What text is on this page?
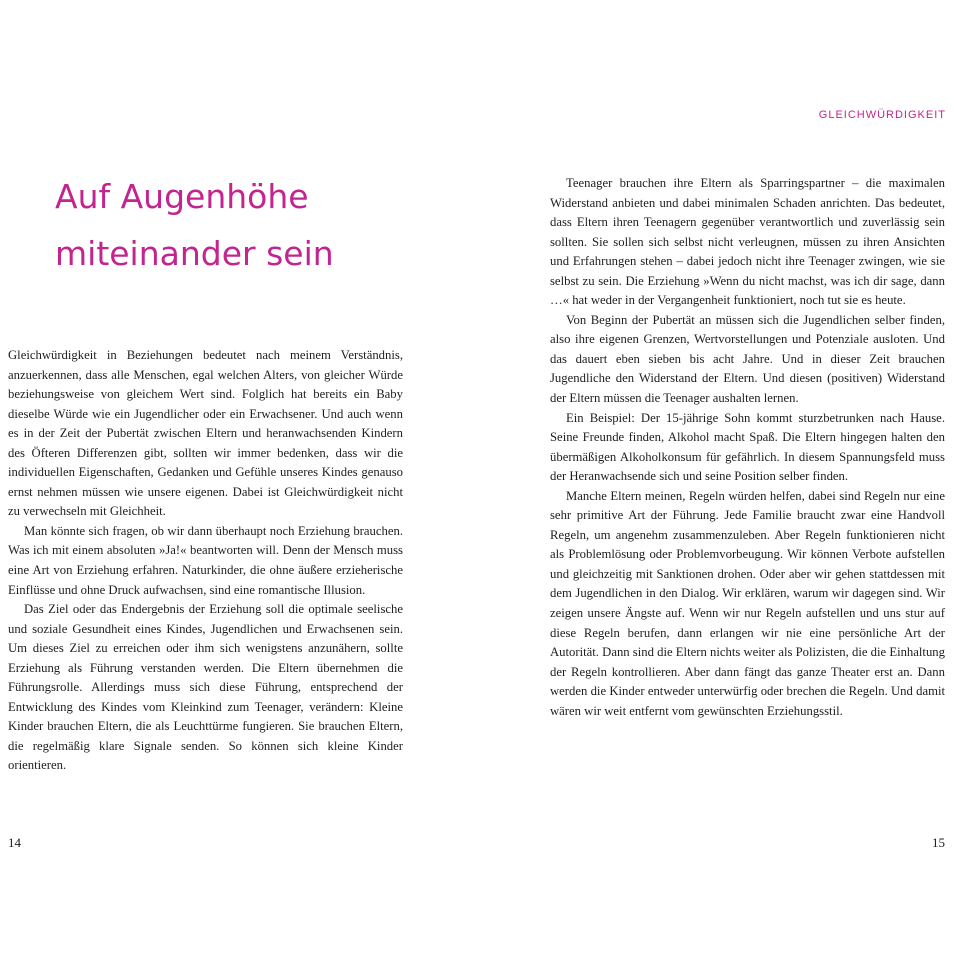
Auf Augenhöhe
miteinander sein

Gleichwürdigkeit in Beziehungen bedeutet nach meinem Verständnis, anzuerkennen, dass alle Menschen, egal welchen Alters, von gleicher Würde beziehungsweise von gleichem Wert sind. Folglich hat bereits ein Baby dieselbe Würde wie ein Jugendlicher oder ein Erwachsener. Und auch wenn es in der Zeit der Pubertät zwischen Eltern und heranwachsenden Kindern des Öfteren Differenzen gibt, sollten wir immer bedenken, dass wir die individuellen Eigenschaften, Gedanken und Gefühle unseres Kindes genauso ernst nehmen müssen wie unsere eigenen. Dabei ist Gleichwürdigkeit nicht zu verwechseln mit Gleichheit.

Man könnte sich fragen, ob wir dann überhaupt noch Erziehung brauchen. Was ich mit einem absoluten »Ja!« beantworten will. Denn der Mensch muss eine Art von Erziehung erfahren. Naturkinder, die ohne äußere erzieherische Einflüsse und ohne Druck aufwachsen, sind eine romantische Illusion.

Das Ziel oder das Endergebnis der Erziehung soll die optimale seelische und soziale Gesundheit eines Kindes, Jugendlichen und Erwachsenen sein. Um dieses Ziel zu erreichen oder ihm sich wenigstens anzunähern, sollte Erziehung als Führung verstanden werden. Die Eltern übernehmen die Führungsrolle. Allerdings muss sich diese Führung, entsprechend der Entwicklung des Kindes vom Kleinkind zum Teenager, verändern: Kleine Kinder brauchen Eltern, die als Leuchttürme fungieren. Sie brauchen Eltern, die regelmäßig klare Signale senden. So können sich kleine Kinder orientieren.

14
GLEICHWÜRDIGKEIT
15

Teenager brauchen ihre Eltern als Sparringspartner – die maximalen Widerstand anbieten und dabei minimalen Schaden anrichten. Das bedeutet, dass Eltern ihren Teenagern gegenüber verantwortlich und zuverlässig sein sollten. Sie sollen sich selbst nicht verleugnen, müssen zu ihren Ansichten und Erfahrungen stehen – dabei jedoch nicht ihre Teenager zwingen, wie sie selbst zu sein. Die Erziehung »Wenn du nicht machst, was ich dir sage, dann …« hat weder in der Vergangenheit funktioniert, noch tut sie es heute.

Von Beginn der Pubertät an müssen sich die Jugendlichen selber finden, also ihre eigenen Grenzen, Wertvorstellungen und Potenziale ausloten. Und das dauert eben sieben bis acht Jahre. Und in dieser Zeit brauchen Jugendliche den Widerstand der Eltern. Und diesen (positiven) Widerstand der Eltern müssen die Teenager aushalten lernen.

Ein Beispiel: Der 15-jährige Sohn kommt sturzbetrunken nach Hause. Seine Freunde finden, Alkohol macht Spaß. Die Eltern hingegen halten den übermäßigen Alkoholkonsum für gefährlich. In diesem Spannungsfeld muss der Heranwachsende sich und seine Position selber finden.

Manche Eltern meinen, Regeln würden helfen, dabei sind Regeln nur eine sehr primitive Art der Führung. Jede Familie braucht zwar eine Handvoll Regeln, um angenehm zusammenzuleben. Aber Regeln funktionieren nicht als Problemlösung oder Problemvorbeugung. Wir können Verbote aufstellen und gleichzeitig mit Sanktionen drohen. Oder aber wir gehen stattdessen mit dem Jugendlichen in den Dialog. Wir erklären, warum wir dagegen sind. Wir zeigen unsere Ängste auf. Wenn wir nur Regeln aufstellen und uns stur auf diese Regeln berufen, dann erlangen wir nie eine persönliche Art der Autorität. Dann sind die Eltern nichts weiter als Polizisten, die die Einhaltung der Regeln kontrollieren. Aber dann fängt das ganze Theater erst an. Dann werden die Kinder entweder unterwürfig oder brechen die Regeln. Und damit wären wir weit entfernt vom gewünschten Erziehungsstil.
